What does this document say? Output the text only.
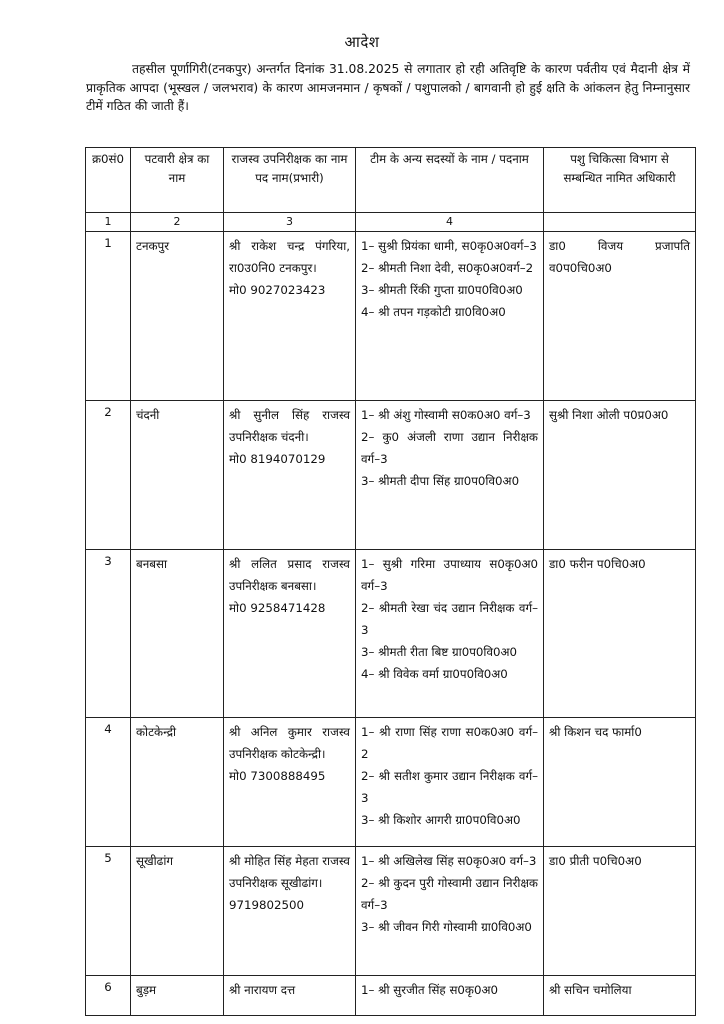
आदेश

तहसील पूर्णागिरी(टनकपुर) अन्तर्गत दिनांक 31.08.2025 से लगातार हो रही अतिवृष्टि के कारण पर्वतीय एवं मैदानी क्षेत्र में प्राकृतिक आपदा (भूस्खल / जलभराव) के कारण आमजनमान / कृषकों / पशुपालको / बागवानी हो हुई क्षति के आंकलन हेतु निम्नानुसार टीमें गठित की जाती हैं।

क्र0सं0	पटवारी क्षेत्र का नाम	राजस्व उपनिरीक्षक का नाम पद नाम(प्रभारी)	टीम के अन्य सदस्यों के नाम / पदनाम	पशु चिकित्सा विभाग से सम्बन्धित नामित अधिकारी
1	2	3	4	
1	टनकपुर	श्री राकेश चन्द्र पंगरिया, रा0उ0नि0 टनकपुर।
मो0 9027023423	1– सुश्री प्रियंका धामी, स0कृ0अ0वर्ग–3
2– श्रीमती निशा देवी, स0कृ0अ0वर्ग–2
3– श्रीमती रिंकी गुप्ता ग्रा0प0वि0अ0
4– श्री तपन गड़कोटी ग्रा0वि0अ0	डा0 विजय प्रजापति व0प0चि0अ0

2	चंदनी	श्री सुनील सिंह राजस्व उपनिरीक्षक चंदनी।
मो0 8194070129	1– श्री अंशु गोस्वामी स0क0अ0 वर्ग–3
2– कु0 अंजली राणा उद्यान निरीक्षक वर्ग–3
3– श्रीमती दीपा सिंह ग्रा0प0वि0अ0	सुश्री निशा ओली प0प्र0अ0

3	बनबसा	श्री ललित प्रसाद राजस्व उपनिरीक्षक बनबसा।
मो0 9258471428	1– सुश्री गरिमा उपाध्याय स0कृ0अ0 वर्ग–3
2– श्रीमती रेखा चंद उद्यान निरीक्षक वर्ग–3
3– श्रीमती रीता बिष्ट ग्रा0प0वि0अ0
4– श्री विवेक वर्मा ग्रा0प0वि0अ0	डा0 फरीन प0चि0अ0

4	कोटकेन्द्री	श्री अनिल कुमार राजस्व उपनिरीक्षक कोटकेन्द्री।
मो0 7300888495	1– श्री राणा सिंह राणा स0क0अ0 वर्ग–2
2– श्री सतीश कुमार उद्यान निरीक्षक वर्ग–3
3– श्री किशोर आगरी ग्रा0प0वि0अ0	श्री किशन चद फार्मा0

5	सूखीढांग	श्री मोहित सिंह मेहता राजस्व उपनिरीक्षक सूखीढांग।
9719802500	1– श्री अखिलेख सिंह स0कृ0अ0 वर्ग–3
2– श्री कुदन पुरी गोस्वामी उद्यान निरीक्षक वर्ग–3
3– श्री जीवन गिरी गोस्वामी ग्रा0वि0अ0	डा0 प्रीती प0चि0अ0

6	बुड़म	श्री नारायण दत्त	1– श्री सुरजीत सिंह स0कृ0अ0	श्री सचिन चमोलिया
